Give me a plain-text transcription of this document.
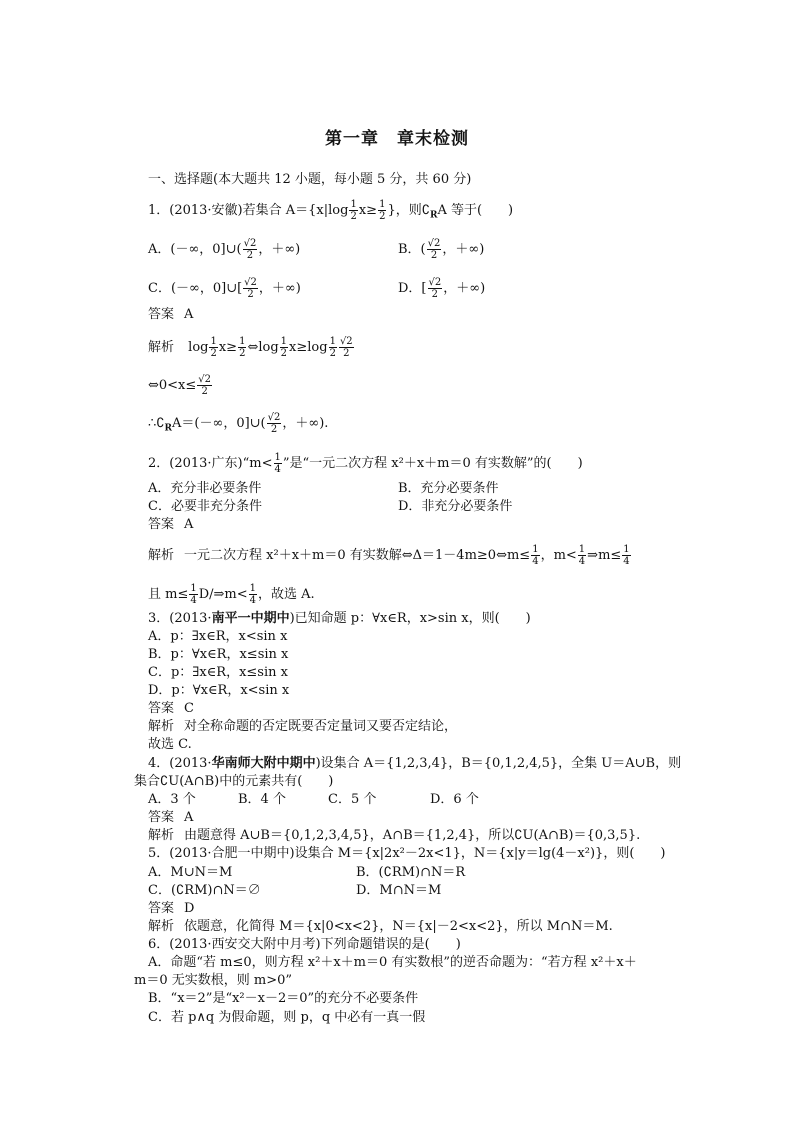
第一章　章末检测
一、选择题(本大题共 12 小题，每小题 5 分，共 60 分)
1．(2013·安徽)若集合 $A=\{x|\log \frac{1}{2} x\ge \frac{1}{2}$ }，则$∁_RA$ 等于(　　)
A．(－∞，0]∪( $\frac{√2}{2}$ ，＋∞)	B．( $\frac{√2}{2}$ ，＋∞)
C．(－∞，0]∪[ $\frac{√2}{2}$ ，＋∞)	D．[ $\frac{√2}{2}$ ，＋∞)
答案 A
解析 $\log \frac{1}{2} x\ge \frac{1}{2}$ ⇔log $\frac{1}{2} x\ge\log \frac{1}{2} \frac{√2}{2}$
⇔0<x≤ $\frac{√2}{2}$
$\therefore∁_RA=(-\infty$，0]∪( $\frac{√2}{2}$ ，＋∞).
2．(2013·广东)“m< $\frac{1}{4}$ ”是“一元二次方程 x²＋x＋m＝0 有实数解”的(　　)
A．充分非必要条件	B．充分必要条件
C．必要非充分条件	D．非充分必要条件
答案 A
解析 一元二次方程 x²＋x＋m＝0 有实数解⇔Δ＝1－4m≥0⇔m≤ $\frac{1}{4}$ ，$m< \frac{1}{4}$ ⇒m≤ $\frac{1}{4}$
且 $m\le \frac{1}{4}$ D/⇒m< $\frac{1}{4}$ ，故选 A.
3．(2013·南平一中期中)已知命题 p：∀x∈R，x>sin x，则(　　)
A．p：∃x∈R，x<sin x
B．p：∀x∈R，x≤sin x
C．p：∃x∈R，x≤sin x
D．p：∀x∈R，x<sin x
答案 C
解析 对全称命题的否定既要否定量词又要否定结论，
故选 C.
4．(2013·华南师大附中期中)设集合 A＝{1,2,3,4}，B＝{0,1,2,4,5}，全集 U＝A∪B，则
集合∁U(A∩B)中的元素共有(　　)
A．3 个	B．4 个	C．5 个	D．6 个
答案 A
解析 由题意得 A∪B＝{0,1,2,3,4,5}，A∩B＝{1,2,4}，所以∁U(A∩B)＝{0,3,5}.
5．(2013·合肥一中期中)设集合 M＝{x|2x²－2x<1}，N＝{x|y＝lg(4－x²)}，则(　　)
A．M∪N＝M	B．(∁RM)∩N＝R
C．(∁RM)∩N＝∅	D．M∩N＝M
答案 D
解析 依题意，化简得 M＝{x|0<x<2}，N＝{x|－2<x<2}，所以 M∩N＝M.
6．(2013·西安交大附中月考)下列命题错误的是(　　)
A．命题“若 m≤0，则方程 x²＋x＋m＝0 有实数根”的逆否命题为：“若方程 x²＋x＋
m＝0 无实数根，则 m>0”
B．“x＝2”是“x²－x－2＝0”的充分不必要条件
C．若 p∧q 为假命题，则 p，q 中必有一真一假
